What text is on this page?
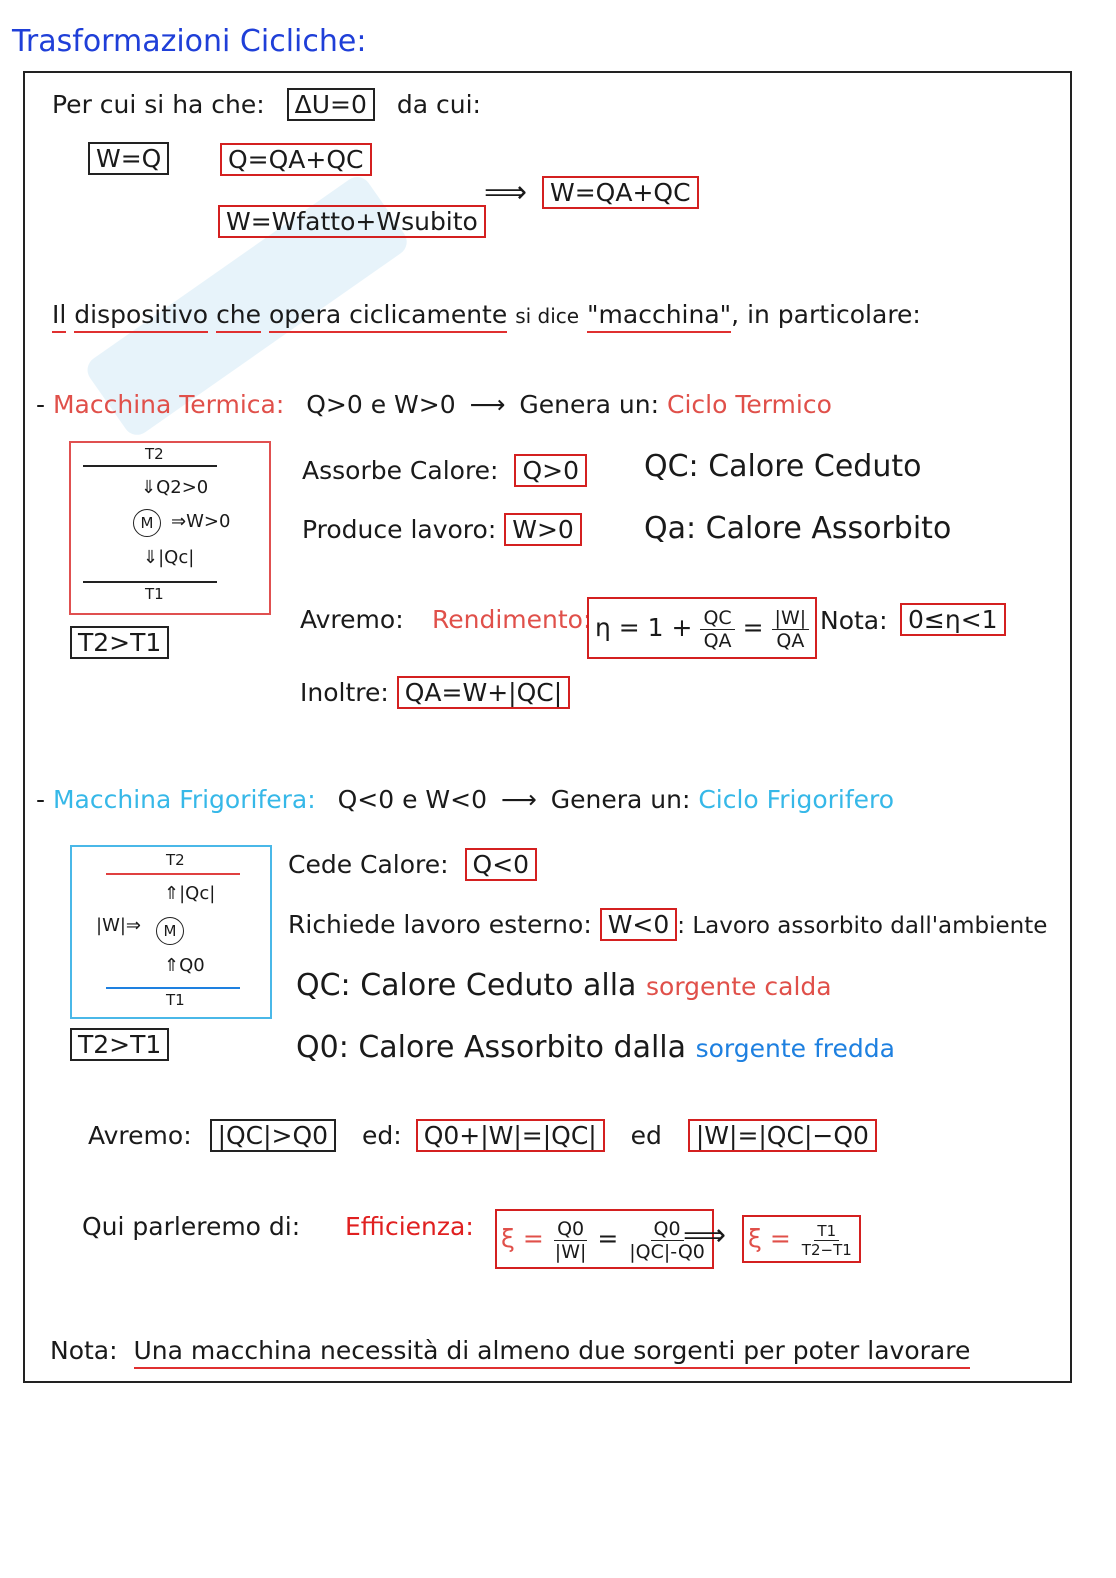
Trasformazioni Cicliche:
Per cui si ha che: ΔU=0 da cui:
W=Q	Q=QA+QC
W=Wfatto+Wsubito
⟹ W=QA+QC
Il dispositivo che opera ciclicamente si dice "macchina", in particolare:
- Macchina Termica: Q>0 e W>0 ⟶ Genera un: Ciclo Termico
T2
⇓Q2>0
M ⇒W>0
⇓|Qc|
T1
T2>T1
Assorbe Calore: Q>0
Produce lavoro: W>0
QC: Calore Ceduto
Qa: Calore Assorbito
Avremo: Rendimento: $\eta = 1 + \frac{QC}{QA} = \frac{|W|}{QA}$ Nota: 0≤η<1
Inoltre: QA=W+|QC|
- Macchina Frigorifera: Q<0 e W<0 ⟶ Genera un: Ciclo Frigorifero
T2
⇑|Qc|
|W|⇒	M
⇑Q0
T1
T2>T1
Cede Calore: Q<0
Richiede lavoro esterno: W<0 : Lavoro assorbito dall'ambiente
QC: Calore Ceduto alla sorgente calda
Q0: Calore Assorbito dalla sorgente fredda
Avremo: |QC|>Q0 ed: Q0+|W|=|QC| ed |W|=|QC|−Q0
Qui parleremo di: Efficienza: $\xi = \frac{Q0}{|W|} = \frac{Q0}{|QC|-Q0}$
⟹ $\xi = \frac{T1}{T2-T1}$
Nota: Una macchina necessità di almeno due sorgenti per poter lavorare
